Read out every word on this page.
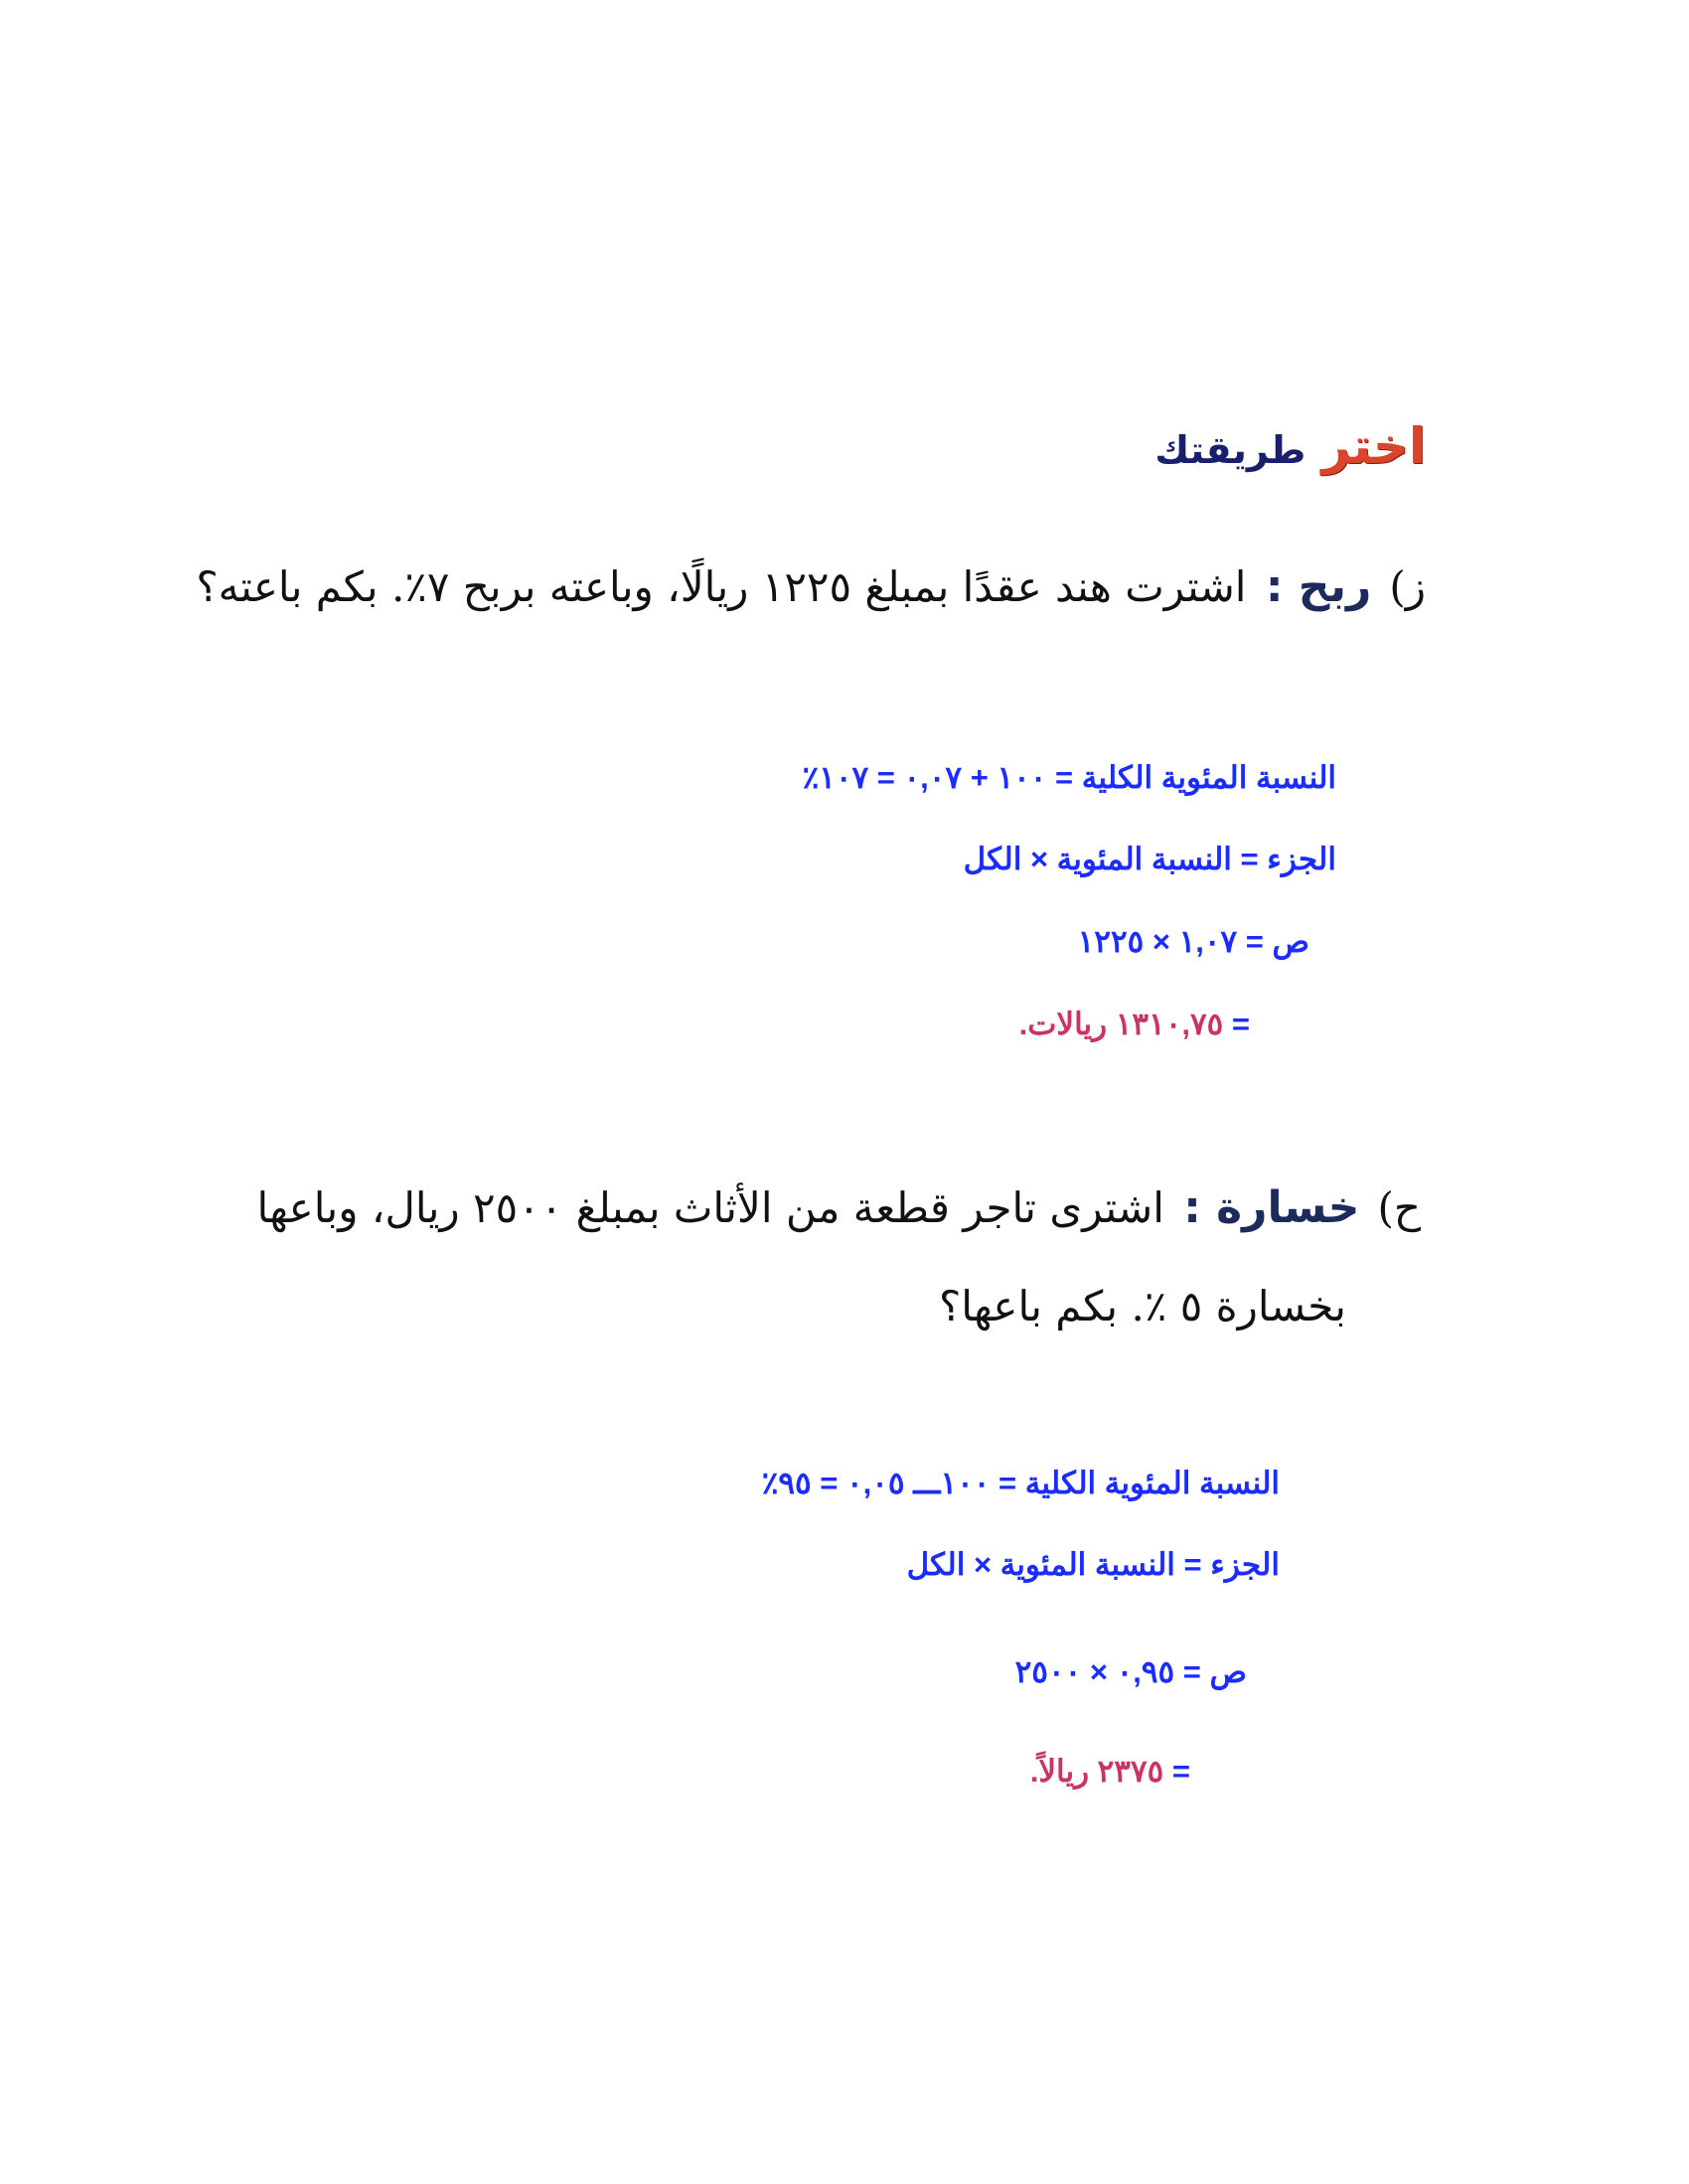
اختر
طريقتك
ز)ربح : اشترت هند عقدًا بمبلغ ١٢٢٥ ريالًا، وباعته بربح ٧٪. بكم باعته؟
النسبة المئوية الكلية = ١٠٠ + ٠,٠٧ = ١٠٧٪
الجزء = النسبة المئوية × الكل
ص = ١,٠٧ × ١٢٢٥
= ١٣١٠,٧٥ ريالات.
ح)خسارة : اشترى تاجر قطعة من الأثاث بمبلغ ٢٥٠٠ ريال، وباعها
بخسارة ٥ ٪. بكم باعها؟
النسبة المئوية الكلية = ١٠٠ـــ ٠,٠٥ = ٩٥٪
الجزء = النسبة المئوية × الكل
ص = ٠,٩٥ × ٢٥٠٠
= ٢٣٧٥ ريالاً.
